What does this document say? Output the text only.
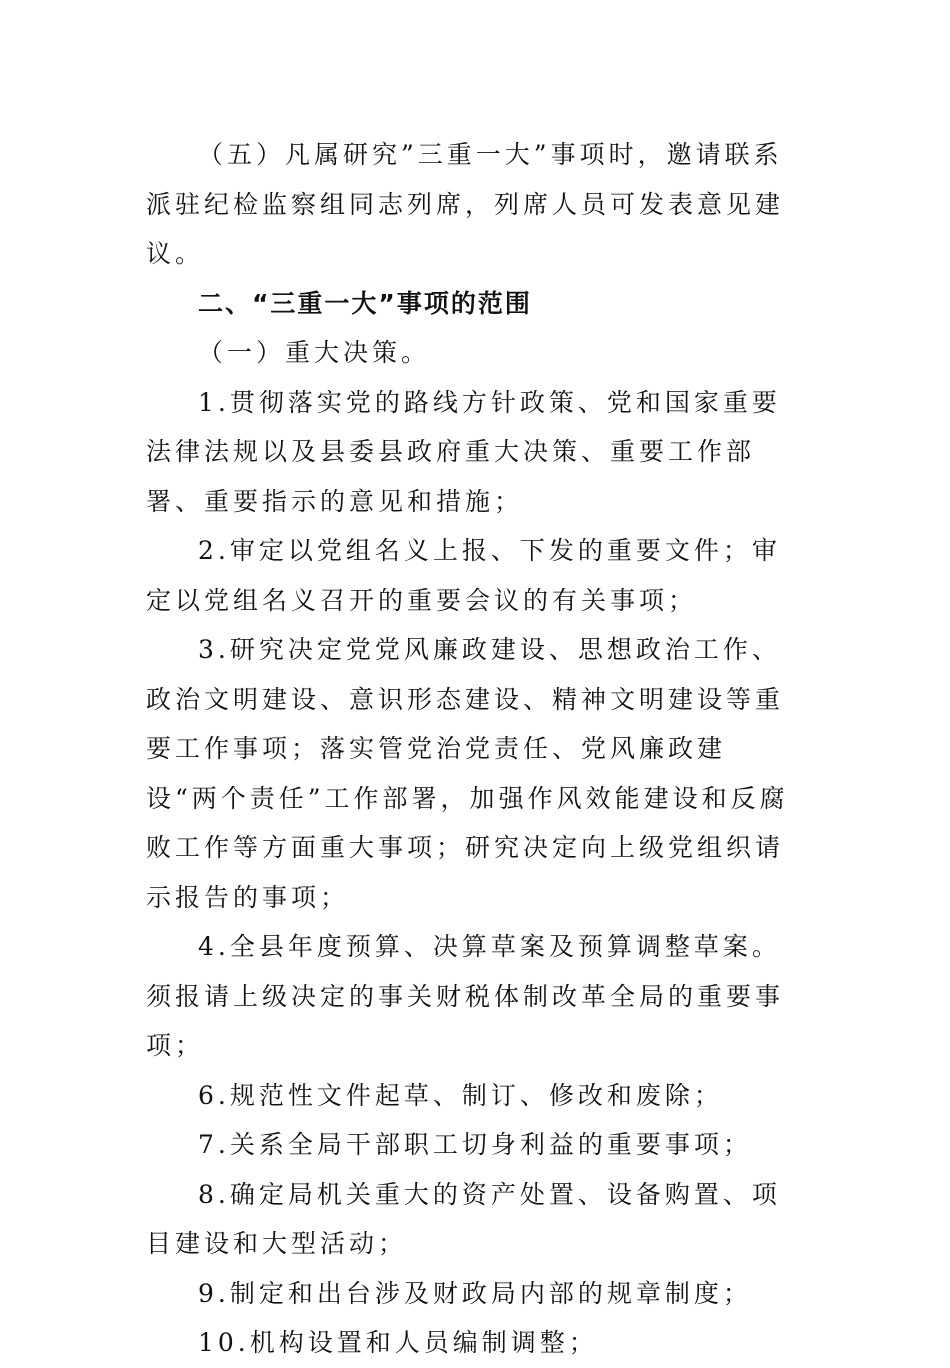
（五）凡属研究”三重一大”事项时，邀请联系派驻纪检监察组同志列席，列席人员可发表意见建议。

二、“三重一大”事项的范围

（一）重大决策。

1.贯彻落实党的路线方针政策、党和国家重要法律法规以及县委县政府重大决策、重要工作部署、重要指示的意见和措施；

2.审定以党组名义上报、下发的重要文件；审定以党组名义召开的重要会议的有关事项；

3.研究决定党党风廉政建设、思想政治工作、政治文明建设、意识形态建设、精神文明建设等重要工作事项；落实管党治党责任、党风廉政建设“两个责任”工作部署，加强作风效能建设和反腐败工作等方面重大事项；研究决定向上级党组织请示报告的事项；

4.全县年度预算、决算草案及预算调整草案。须报请上级决定的事关财税体制改革全局的重要事项；

6.规范性文件起草、制订、修改和废除；

7.关系全局干部职工切身利益的重要事项；

8.确定局机关重大的资产处置、设备购置、项目建设和大型活动；

9.制定和出台涉及财政局内部的规章制度；

10.机构设置和人员编制调整；
